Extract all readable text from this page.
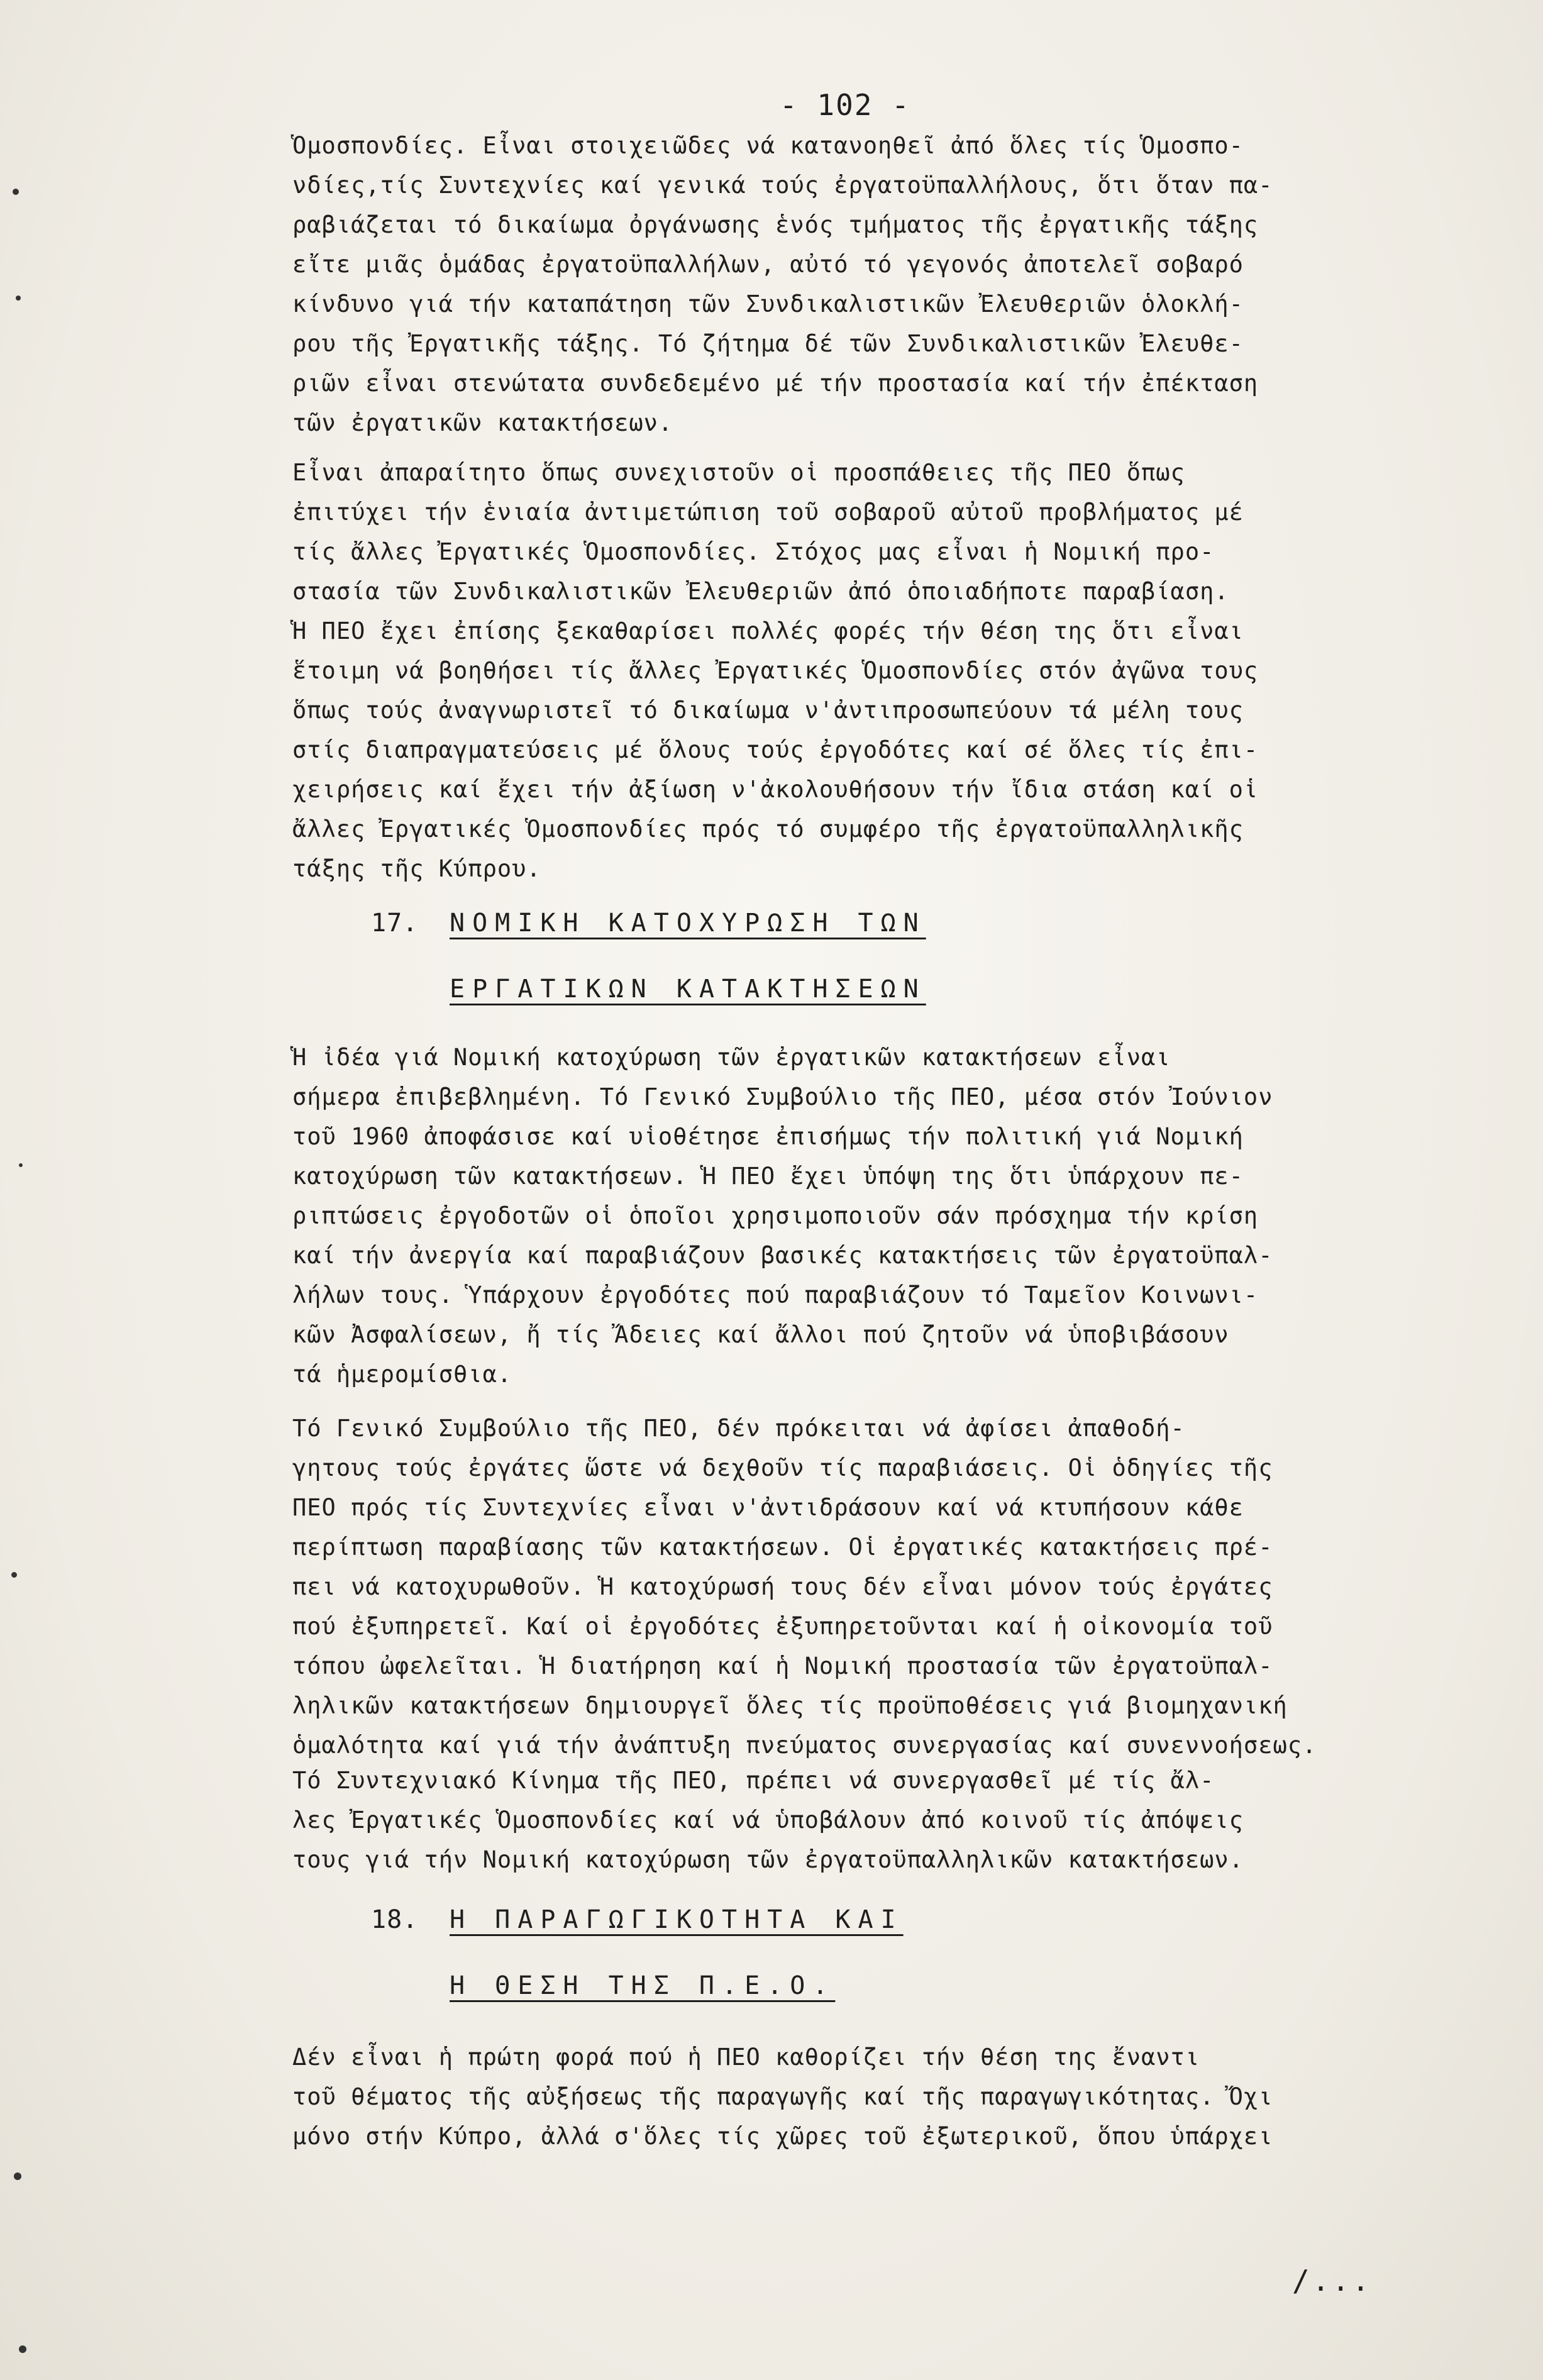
- 102 -

Ὁμοσπονδίες. Εἶναι στοιχειῶδες νά κατανοηθεῖ ἀπό ὅλες τίς Ὁμοσπο-
νδίες,τίς Συντεχνίες καί γενικά τούς ἐργατοϋπαλλήλους, ὅτι ὅταν πα-
ραβιάζεται τό δικαίωμα ὀργάνωσης ἑνός τμήματος τῆς ἐργατικῆς τάξης
εἴτε μιᾶς ὁμάδας ἐργατοϋπαλλήλων, αὐτό τό γεγονός ἀποτελεῖ σοβαρό
κίνδυνο γιά τήν καταπάτηση τῶν Συνδικαλιστικῶν Ἐλευθεριῶν ὁλοκλή-
ρου τῆς Ἐργατικῆς τάξης. Τό ζήτημα δέ τῶν Συνδικαλιστικῶν Ἐλευθε-
ριῶν εἶναι στενώτατα συνδεδεμένο μέ τήν προστασία καί τήν ἐπέκταση
τῶν ἐργατικῶν κατακτήσεων.

Εἶναι ἀπαραίτητο ὅπως συνεχιστοῦν οἱ προσπάθειες τῆς ΠΕΟ ὅπως
ἐπιτύχει τήν ἑνιαία ἀντιμετώπιση τοῦ σοβαροῦ αὐτοῦ προβλήματος μέ
τίς ἄλλες Ἐργατικές Ὁμοσπονδίες. Στόχος μας εἶναι ἡ Νομική προ-
στασία τῶν Συνδικαλιστικῶν Ἐλευθεριῶν ἀπό ὁποιαδήποτε παραβίαση.
Ἡ ΠΕΟ ἔχει ἐπίσης ξεκαθαρίσει πολλές φορές τήν θέση της ὅτι εἶναι
ἕτοιμη νά βοηθήσει τίς ἄλλες Ἐργατικές Ὁμοσπονδίες στόν ἀγῶνα τους
ὅπως τούς ἀναγνωριστεῖ τό δικαίωμα ν'ἀντιπροσωπεύουν τά μέλη τους
στίς διαπραγματεύσεις μέ ὅλους τούς ἐργοδότες καί σέ ὅλες τίς ἐπι-
χειρήσεις καί ἔχει τήν ἀξίωση ν'ἀκολουθήσουν τήν ἴδια στάση καί οἱ
ἄλλες Ἐργατικές Ὁμοσπονδίες πρός τό συμφέρο τῆς ἐργατοϋπαλληλικῆς
τάξης τῆς Κύπρου.

17. ΝΟΜΙΚΗ ΚΑΤΟΧΥΡΩΣΗ ΤΩΝ
ΕΡΓΑΤΙΚΩΝ ΚΑΤΑΚΤΗΣΕΩΝ

Ἡ ἰδέα γιά Νομική κατοχύρωση τῶν ἐργατικῶν κατακτήσεων εἶναι
σήμερα ἐπιβεβλημένη. Τό Γενικό Συμβούλιο τῆς ΠΕΟ, μέσα στόν Ἰούνιον
τοῦ 1960 ἀποφάσισε καί υἱοθέτησε ἐπισήμως τήν πολιτική γιά Νομική
κατοχύρωση τῶν κατακτήσεων. Ἡ ΠΕΟ ἔχει ὑπόψη της ὅτι ὑπάρχουν πε-
ριπτώσεις ἐργοδοτῶν οἱ ὁποῖοι χρησιμοποιοῦν σάν πρόσχημα τήν κρίση
καί τήν ἀνεργία καί παραβιάζουν βασικές κατακτήσεις τῶν ἐργατοϋπαλ-
λήλων τους. Ὑπάρχουν ἐργοδότες πού παραβιάζουν τό Ταμεῖον Κοινωνι-
κῶν Ἀσφαλίσεων, ἤ τίς Ἄδειες καί ἄλλοι πού ζητοῦν νά ὑποβιβάσουν
τά ἡμερομίσθια.

Τό Γενικό Συμβούλιο τῆς ΠΕΟ, δέν πρόκειται νά ἀφίσει ἀπαθοδή-
γητους τούς ἐργάτες ὥστε νά δεχθοῦν τίς παραβιάσεις. Οἱ ὁδηγίες τῆς
ΠΕΟ πρός τίς Συντεχνίες εἶναι ν'ἀντιδράσουν καί νά κτυπήσουν κάθε
περίπτωση παραβίασης τῶν κατακτήσεων. Οἱ ἐργατικές κατακτήσεις πρέ-
πει νά κατοχυρωθοῦν. Ἡ κατοχύρωσή τους δέν εἶναι μόνον τούς ἐργάτες
πού ἐξυπηρετεῖ. Καί οἱ ἐργοδότες ἐξυπηρετοῦνται καί ἡ οἰκονομία τοῦ
τόπου ὠφελεῖται. Ἡ διατήρηση καί ἡ Νομική προστασία τῶν ἐργατοϋπαλ-
ληλικῶν κατακτήσεων δημιουργεῖ ὅλες τίς προϋποθέσεις γιά βιομηχανική
ὁμαλότητα καί γιά τήν ἀνάπτυξη πνεύματος συνεργασίας καί συνεννοήσεως.

Τό Συντεχνιακό Κίνημα τῆς ΠΕΟ, πρέπει νά συνεργασθεῖ μέ τίς ἄλ-
λες Ἐργατικές Ὁμοσπονδίες καί νά ὑποβάλουν ἀπό κοινοῦ τίς ἀπόψεις
τους γιά τήν Νομική κατοχύρωση τῶν ἐργατοϋπαλληλικῶν κατακτήσεων.

18. Η ΠΑΡΑΓΩΓΙΚΟΤΗΤΑ ΚΑΙ
Η ΘΕΣΗ ΤΗΣ Π.Ε.Ο.

Δέν εἶναι ἡ πρώτη φορά πού ἡ ΠΕΟ καθορίζει τήν θέση της ἔναντι
τοῦ θέματος τῆς αὐξήσεως τῆς παραγωγῆς καί τῆς παραγωγικότητας. Ὄχι
μόνο στήν Κύπρο, ἀλλά σ'ὅλες τίς χῶρες τοῦ ἐξωτερικοῦ, ὅπου ὑπάρχει

/...
